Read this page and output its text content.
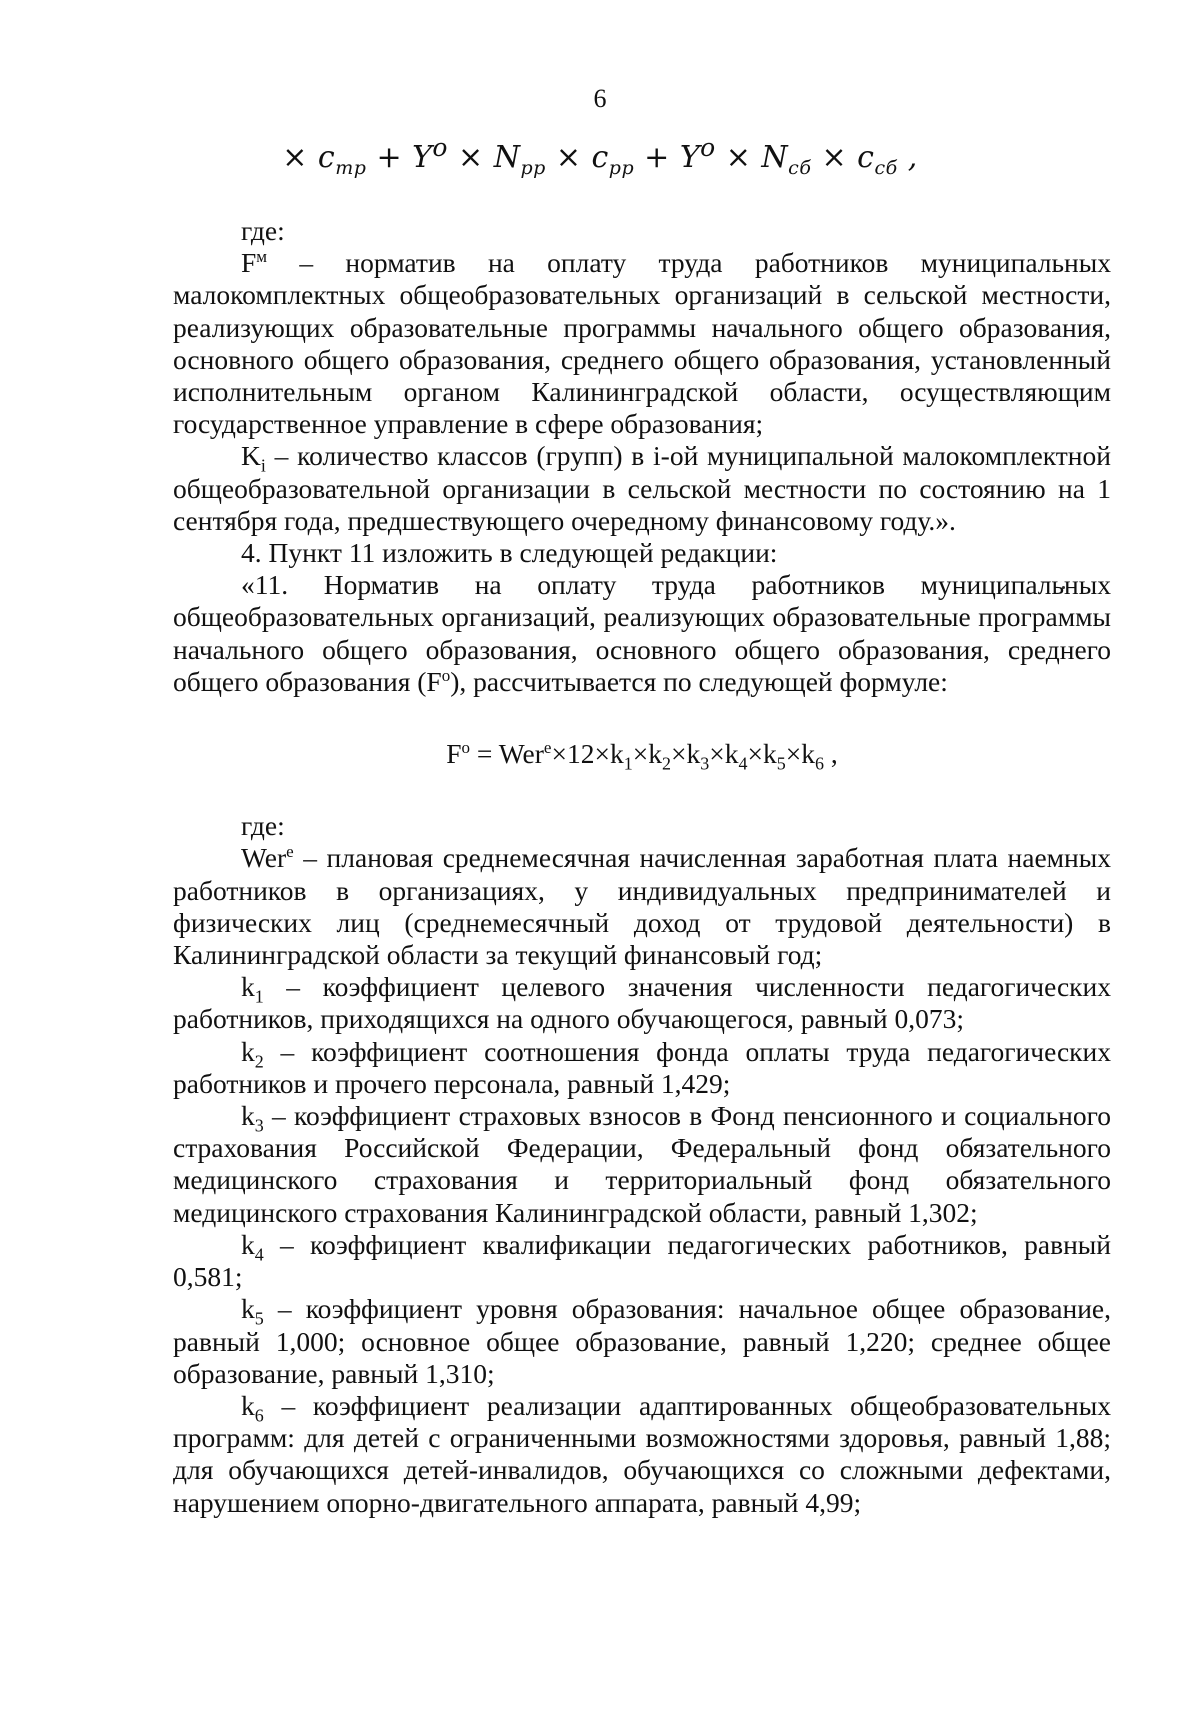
6
× $c_{mp} + Y^o \times N_{pp} \times c_{pp} + Y^o \times N_{сб} \times c_{сб}$ ,

где:

$F^м$ – норматив на оплату труда работников муниципальных малокомплектных общеобразовательных организаций в сельской местности, реализующих образовательные программы начального общего образования, основного общего образования, среднего общего образования, установленный исполнительным органом Калининградской области, осуществляющим государственное управление в сфере образования;

$K_i$ – количество классов (групп) в i-ой муниципальной малокомплектной общеобразовательной организации в сельской местности по состоянию на 1 сентября года, предшествующего очередному финансовому году.».

4. Пункт 11 изложить в следующей редакции:

«11. Норматив на оплату труда работников муниципальных общеобразовательных организаций, реализующих образовательные программы начального общего образования, основного общего образования, среднего общего образования $(F^o)$, рассчитывается по следующей формуле:

$F^o = Wer^e\times 12\times k_1\times k_2\times k_3\times k_4\times k_5\times k_6$ ,

где:

Wer$^e$ – плановая среднемесячная начисленная заработная плата наемных работников в организациях, у индивидуальных предпринимателей и физических лиц (среднемесячный доход от трудовой деятельности) в Калининградской области за текущий финансовый год;

$k_1$ – коэффициент целевого значения численности педагогических работников, приходящихся на одного обучающегося, равный 0,073;

$k_2$ – коэффициент соотношения фонда оплаты труда педагогических работников и прочего персонала, равный 1,429;

$k_3$ – коэффициент страховых взносов в Фонд пенсионного и социального страхования Российской Федерации, Федеральный фонд обязательного медицинского страхования и территориальный фонд обязательного медицинского страхования Калининградской области, равный 1,302;

$k_4$ – коэффициент квалификации педагогических работников, равный 0,581;

$k_5$ – коэффициент уровня образования: начальное общее образование, равный 1,000; основное общее образование, равный 1,220; среднее общее образование, равный 1,310;

$k_6$ – коэффициент реализации адаптированных общеобразовательных программ: для детей с ограниченными возможностями здоровья, равный 1,88; для обучающихся детей-инвалидов, обучающихся со сложными дефектами, нарушением опорно-двигательного аппарата, равный 4,99;
